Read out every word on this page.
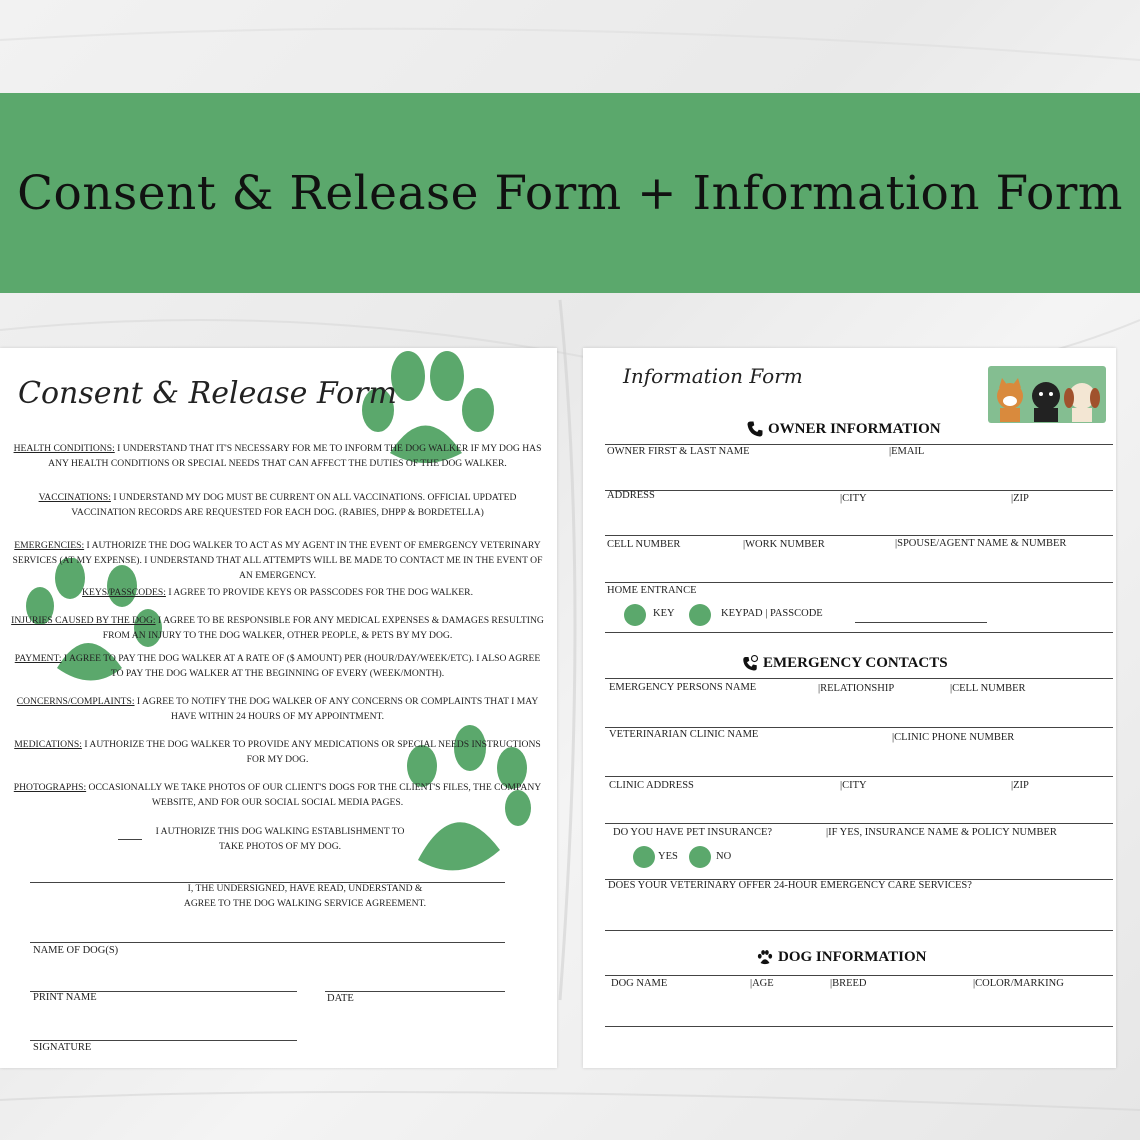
Consent & Release Form + Information Form
Consent & Release Form
HEALTH CONDITIONS: I UNDERSTAND THAT IT'S NECESSARY FOR ME TO INFORM THE DOG WALKER IF MY DOG HAS ANY HEALTH CONDITIONS OR SPECIAL NEEDS THAT CAN AFFECT THE DUTIES OF THE DOG WALKER.
VACCINATIONS: I UNDERSTAND MY DOG MUST BE CURRENT ON ALL VACCINATIONS. OFFICIAL UPDATED VACCINATION RECORDS ARE REQUESTED FOR EACH DOG. (RABIES, DHPP & BORDETELLA)
EMERGENCIES: I AUTHORIZE THE DOG WALKER TO ACT AS MY AGENT IN THE EVENT OF EMERGENCY VETERINARY SERVICES (AT MY EXPENSE). I UNDERSTAND THAT ALL ATTEMPTS WILL BE MADE TO CONTACT ME IN THE EVENT OF AN EMERGENCY.
KEYS/PASSCODES: I AGREE TO PROVIDE KEYS OR PASSCODES FOR THE DOG WALKER.
INJURIES CAUSED BY THE DOG: I AGREE TO BE RESPONSIBLE FOR ANY MEDICAL EXPENSES & DAMAGES RESULTING FROM AN INJURY TO THE DOG WALKER, OTHER PEOPLE, & PETS BY MY DOG.
PAYMENT: I AGREE TO PAY THE DOG WALKER AT A RATE OF ($ AMOUNT) PER (HOUR/DAY/WEEK/ETC). I ALSO AGREE TO PAY THE DOG WALKER AT THE BEGINNING OF EVERY (WEEK/MONTH).
CONCERNS/COMPLAINTS: I AGREE TO NOTIFY THE DOG WALKER OF ANY CONCERNS OR COMPLAINTS THAT I MAY HAVE WITHIN 24 HOURS OF MY APPOINTMENT.
MEDICATIONS: I AUTHORIZE THE DOG WALKER TO PROVIDE ANY MEDICATIONS OR SPECIAL NEEDS INSTRUCTIONS FOR MY DOG.
PHOTOGRAPHS: OCCASIONALLY WE TAKE PHOTOS OF OUR CLIENT'S DOGS FOR THE CLIENT'S FILES, THE COMPANY WEBSITE, AND FOR OUR SOCIAL SOCIAL MEDIA PAGES.
I AUTHORIZE THIS DOG WALKING ESTABLISHMENT TO TAKE PHOTOS OF MY DOG.
I, THE UNDERSIGNED, HAVE READ, UNDERSTAND & AGREE TO THE DOG WALKING SERVICE AGREEMENT.
NAME OF DOG(S)
PRINT NAME	DATE
SIGNATURE
Information Form
OWNER INFORMATION
OWNER FIRST & LAST NAME	|EMAIL
ADDRESS	|CITY	|ZIP
CELL NUMBER	|WORK NUMBER	|SPOUSE/AGENT NAME & NUMBER
HOME ENTRANCE
KEY	KEYPAD | PASSCODE
EMERGENCY CONTACTS
EMERGENCY PERSONS NAME	|RELATIONSHIP	|CELL NUMBER
VETERINARIAN CLINIC NAME	|CLINIC PHONE NUMBER
CLINIC ADDRESS	|CITY	|ZIP
DO YOU HAVE PET INSURANCE?	|IF YES, INSURANCE NAME & POLICY NUMBER
YES	NO
DOES YOUR VETERINARY OFFER 24-HOUR EMERGENCY CARE SERVICES?
DOG INFORMATION
DOG NAME	|AGE	|BREED	|COLOR/MARKING
